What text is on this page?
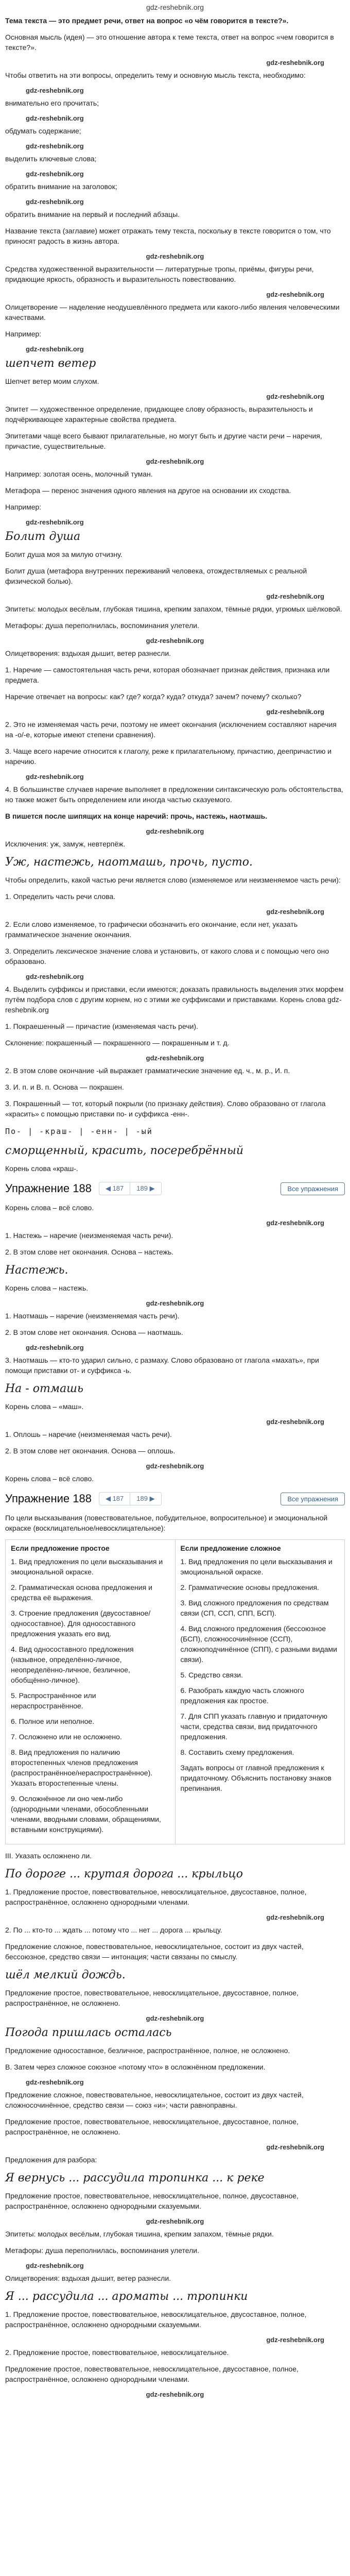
gdz-reshebnik.org

Тема текста — это предмет речи, ответ на вопрос «о чём говорится в тексте?».

Основная мысль (идея) — это отношение автора к теме текста, ответ на вопрос «чем говорится в тексте?».

gdz-reshebnik.org

Чтобы ответить на эти вопросы, определить тему и основную мысль текста, необходимо:

gdz-reshebnik.org

внимательно его прочитать;

gdz-reshebnik.org

обдумать содержание;

gdz-reshebnik.org

выделить ключевые слова;

gdz-reshebnik.org

обратить внимание на заголовок;

gdz-reshebnik.org

обратить внимание на первый и последний абзацы.

Название текста (заглавие) может отражать тему текста, поскольку в тексте говорится о том, что приносят радость в жизнь автора.

gdz-reshebnik.org

Средства художественной выразительности — литературные тропы, приёмы, фигуры речи, придающие яркость, образность и выразительность повествованию.

gdz-reshebnik.org

Олицетворение — наделение неодушевлённого предмета или какого-либо явления человеческими качествами.

Например:

gdz-reshebnik.org
шепчет ветер

Шепчет ветер моим слухом.

gdz-reshebnik.org

Эпитет — художественное определение, придающее слову образность, выразительность и подчёркивающее характерные свойства предмета.

Эпитетами чаще всего бывают прилагательные, но могут быть и другие части речи – наречия, причастие, существительные.

gdz-reshebnik.org

Например: золотая осень, молочный туман.

Метафора — перенос значения одного явления на другое на основании их сходства.

Например:

gdz-reshebnik.org
Болит душа

Болит душа моя за милую отчизну.

Болит душа (метафора внутренних переживаний человека, отождествляемых с реальной физической болью).

gdz-reshebnik.org

Эпитеты: молодых весёлым, глубокая тишина, крепким запахом, тёмные рядки, угрюмых шёлковой.

Метафоры: душа переполнилась, воспоминания улетели.

gdz-reshebnik.org

Олицетворения: вздыхая дышит, ветер разнесли.

1. Наречие — самостоятельная часть речи, которая обозначает признак действия, признака или предмета.

Наречие отвечает на вопросы: как? где? когда? куда? откуда? зачем? почему? сколько?

gdz-reshebnik.org

2. Это не изменяемая часть речи, поэтому не имеет окончания (исключением составляют наречия на -о/-е, которые имеют степени сравнения).

3. Чаще всего наречие относится к глаголу, реже к прилагательному, причастию, деепричастию и наречию.

gdz-reshebnik.org

4. В большинстве случаев наречие выполняет в предложении синтаксическую роль обстоятельства, но также может быть определением или иногда частью сказуемого.

В пишется после шипящих на конце наречий: прочь, настежь, наотмашь.

gdz-reshebnik.org

Исключения: уж, замуж, невтерпёж.

Уж, настежь, наотмашь, прочь, пусто.

Чтобы определить, какой частью речи является слово (изменяемое или неизменяемое часть речи):

1. Определить часть речи слова.

gdz-reshebnik.org

2. Если слово изменяемое, то графически обозначить его окончание, если нет, указать грамматическое значение окончания.

3. Определить лексическое значение слова и установить, от какого слова и с помощью чего оно образовано.

gdz-reshebnik.org

4. Выделить суффиксы и приставки, если имеются; доказать правильность выделения этих морфем путём подбора слов с другим корнем, но с этими же суффиксами и приставками. Корень слова gdz-reshebnik.org

1. Покраешенный — причастие (изменяемая часть речи).

Склонение: покрашенный — покрашенного — покрашенным и т. д.

gdz-reshebnik.org

2. В этом слове окончание -ый выражает грамматические значение ед. ч., м. р., И. п.

3. И. п. и В. п. Основа — покрашен.

3. Покрашенный — тот, который покрыли (по признаку действия). Слово образовано от глагола «красить» с помощью приставки по- и суффикса -енн-.

По- | -краш- | -енн- | -ый
сморщенный, красить, посеребрённый

Корень слова «краш-.

Упражнение 188	◀ 187	189 ▶	Все упражнения

Корень слова – всё слово.

gdz-reshebnik.org

1. Настежь – наречие (неизменяемая часть речи).

2. В этом слове нет окончания. Основа – настежь.

Настежь.

Корень слова – настежь.

gdz-reshebnik.org

1. Наотмашь – наречие (неизменяемая часть речи).

2. В этом слове нет окончания. Основа — наотмашь.

gdz-reshebnik.org

3. Наотмашь — кто-то ударил сильно, с размаху. Слово образовано от глагола «махать», при помощи приставки от- и суффикса -ь.

На - отмашь

Корень слова – «маш».

gdz-reshebnik.org

1. Оплошь – наречие (неизменяемая часть речи).

2. В этом слове нет окончания. Основа — оплошь.

gdz-reshebnik.org

Корень слова – всё слово.

Упражнение 188	◀ 187	189 ▶	Все упражнения

По цели высказывания (повествовательное, побудительное, вопросительное) и эмоциональной окраске (восклицательное/невосклицательное):

Если предложение простое

1. Вид предложения по цели высказывания и эмоциональной окраске.

2. Грамматическая основа предложения и средства её выражения.

3. Строение предложения (двусоставное/односоставное). Для односоставного предложения указать его вид.

4. Вид односоставного предложения (назывное, определённо-личное, неопределённо-личное, безличное, обобщённо-личное).

5. Распространённое или нераспространённое.

6. Полное или неполное.

7. Осложнено или не осложнено.

8. Вид предложения по наличию второстепенных членов предложения (распространённое/нераспространённое). Указать второстепенные члены.

9. Осложнённое ли оно чем-либо (однородными членами, обособленными членами, вводными словами, обращениями, вставными конструкциями).

Если предложение сложное

1. Вид предложения по цели высказывания и эмоциональной окраске.

2. Грамматические основы предложения.

3. Вид сложного предложения по средствам связи (СП, ССП, СПП, БСП).

4. Вид сложного предложения (бессоюзное (БСП), сложносочинённое (ССП), сложноподчинённое (СПП), с разными видами связи).

5. Средство связи.

6. Разобрать каждую часть сложного предложения как простое.

7. Для СПП указать главную и придаточную части, средства связи, вид придаточного предложения.

8. Составить схему предложения.

Задать вопросы от главной предложения к придаточному. Объяснить постановку знаков препинания.

III. Указать осложнено ли.

По дороге ... крутая дорога ... крыльцо

1. Предложение простое, повествовательное, невосклицательное, двусоставное, полное, распространённое, осложнено однородными членами.

gdz-reshebnik.org

2. По ... кто-то ... ждать ... потому что ... нет ... дорога ... крыльцу.

Предложение сложное, повествовательное, невосклицательное, состоит из двух частей, бессоюзное, средство связи — интонация; части связаны по смыслу.

шёл мелкий дождь.

Предложение простое, повествовательное, невосклицательное, двусоставное, полное, распространённое, не осложнено.

gdz-reshebnik.org
Погода пришлась осталась

Предложение односоставное, безличное, распространённое, полное, не осложнено.

В. Затем через сложное союзное «потому что» в осложнённом предложении.

gdz-reshebnik.org

Предложение сложное, повествовательное, невосклицательное, состоит из двух частей, сложносочинённое, средство связи — союз «и»; части равноправны.

Предложение простое, повествовательное, невосклицательное, двусоставное, полное, распространённое, не осложнено.

gdz-reshebnik.org

Предложения для разбора:

Я вернусь ... рассудила тропинка ... к реке

Предложение простое, повествовательное, невосклицательное, полное, двусоставное, распространённое, осложнено однородными сказуемыми.

gdz-reshebnik.org

Эпитеты: молодых весёлым, глубокая тишина, крепким запахом, тёмные рядки.

Метафоры: душа переполнилась, воспоминания улетели.

gdz-reshebnik.org

Олицетворения: вздыхая дышит, ветер разнесли.

Я ... рассудила ... ароматы ... тропинки

1. Предложение простое, повествовательное, невосклицательное, двусоставное, полное, распространённое, осложнено однородными сказуемыми.

gdz-reshebnik.org

2. Предложение простое, повествовательное, невосклицательное.

Предложение простое, повествовательное, невосклицательное, двусоставное, полное, распространённое, осложнено однородными членами.

gdz-reshebnik.org
